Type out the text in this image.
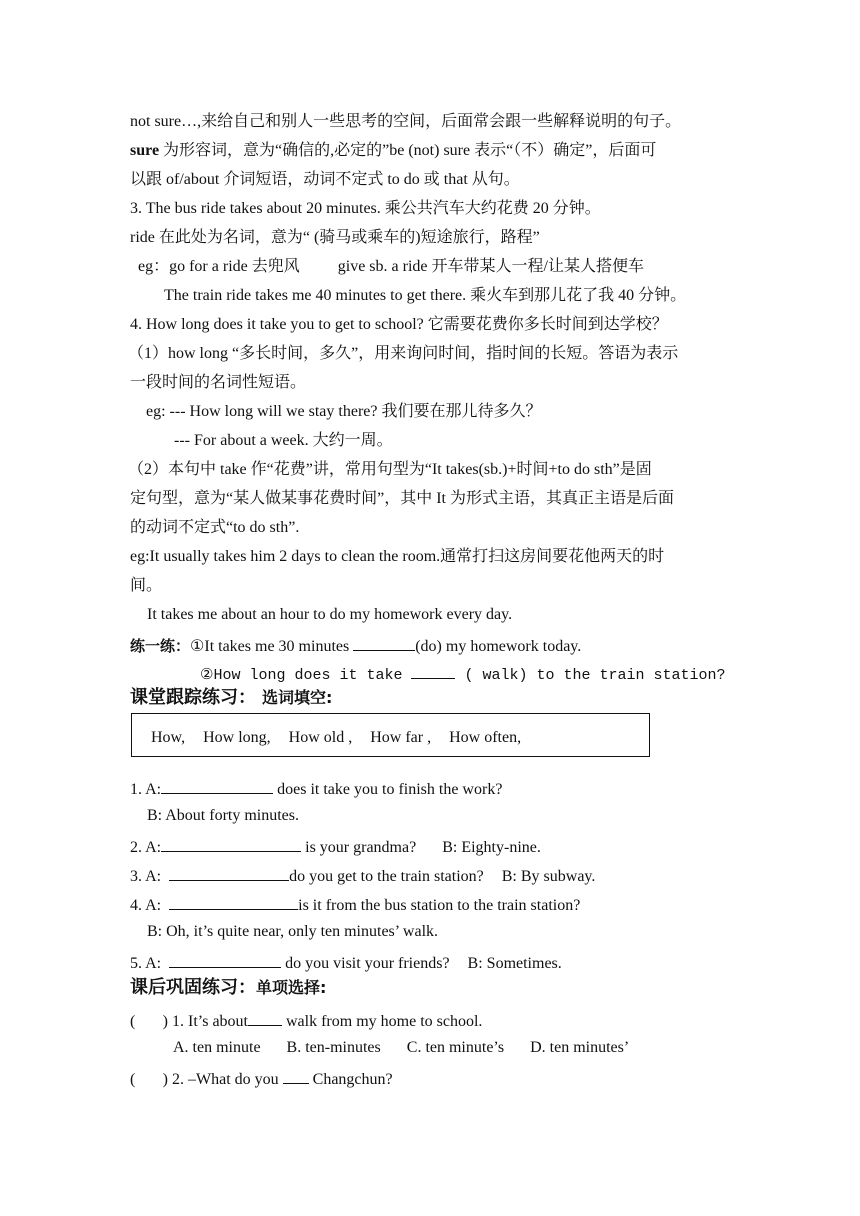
not sure…,来给自己和别人一些思考的空间，后面常会跟一些解释说明的句子。
sure 为形容词，意为“确信的,必定的”be (not) sure 表示“（不）确定”，后面可
以跟 of/about 介词短语，动词不定式 to do 或 that 从句。
3. The bus ride takes about 20 minutes. 乘公共汽车大约花费 20 分钟。
ride 在此处为名词，意为“ (骑马或乘车的)短途旅行，路程”
eg：go for a ride 去兜风 give sb. a ride 开车带某人一程/让某人搭便车
The train ride takes me 40 minutes to get there. 乘火车到那儿花了我 40 分钟。
4. How long does it take you to get to school? 它需要花费你多长时间到达学校？
（1）how long “多长时间，多久”，用来询问时间，指时间的长短。答语为表示
一段时间的名词性短语。
eg: --- How long will we stay there? 我们要在那儿待多久？
--- For about a week. 大约一周。
（2）本句中 take 作“花费”讲，常用句型为“It takes(sb.)+时间+to do sth”是固
定句型，意为“某人做某事花费时间”，其中 It 为形式主语，其真正主语是后面
的动词不定式“to do sth”.
eg:It usually takes him 2 days to clean the room.通常打扫这房间要花他两天的时
间。
It takes me about an hour to do my homework every day.
练一练：①It takes me 30 minutes	(do) my homework today.
②How long does it take	( walk) to the train station?
课堂跟踪练习： 选词填空:
How, How long, How old , How far , How often,
1. A:	does it take you to finish the work?
B: About forty minutes.
2. A:	is your grandma? B: Eighty-nine.
3. A:	do you get to the train station? B: By subway.
4. A:	is it from the bus station to the train station?
B: Oh, it’s quite near, only ten minutes’ walk.
5. A:	do you visit your friends? B: Sometimes.
课后巩固练习：单项选择:
( ) 1. It’s about walk from my home to school.
A. ten minute B. ten-minutes C. ten minute’s D. ten minutes’
( ) 2. –What do you  Changchun?
